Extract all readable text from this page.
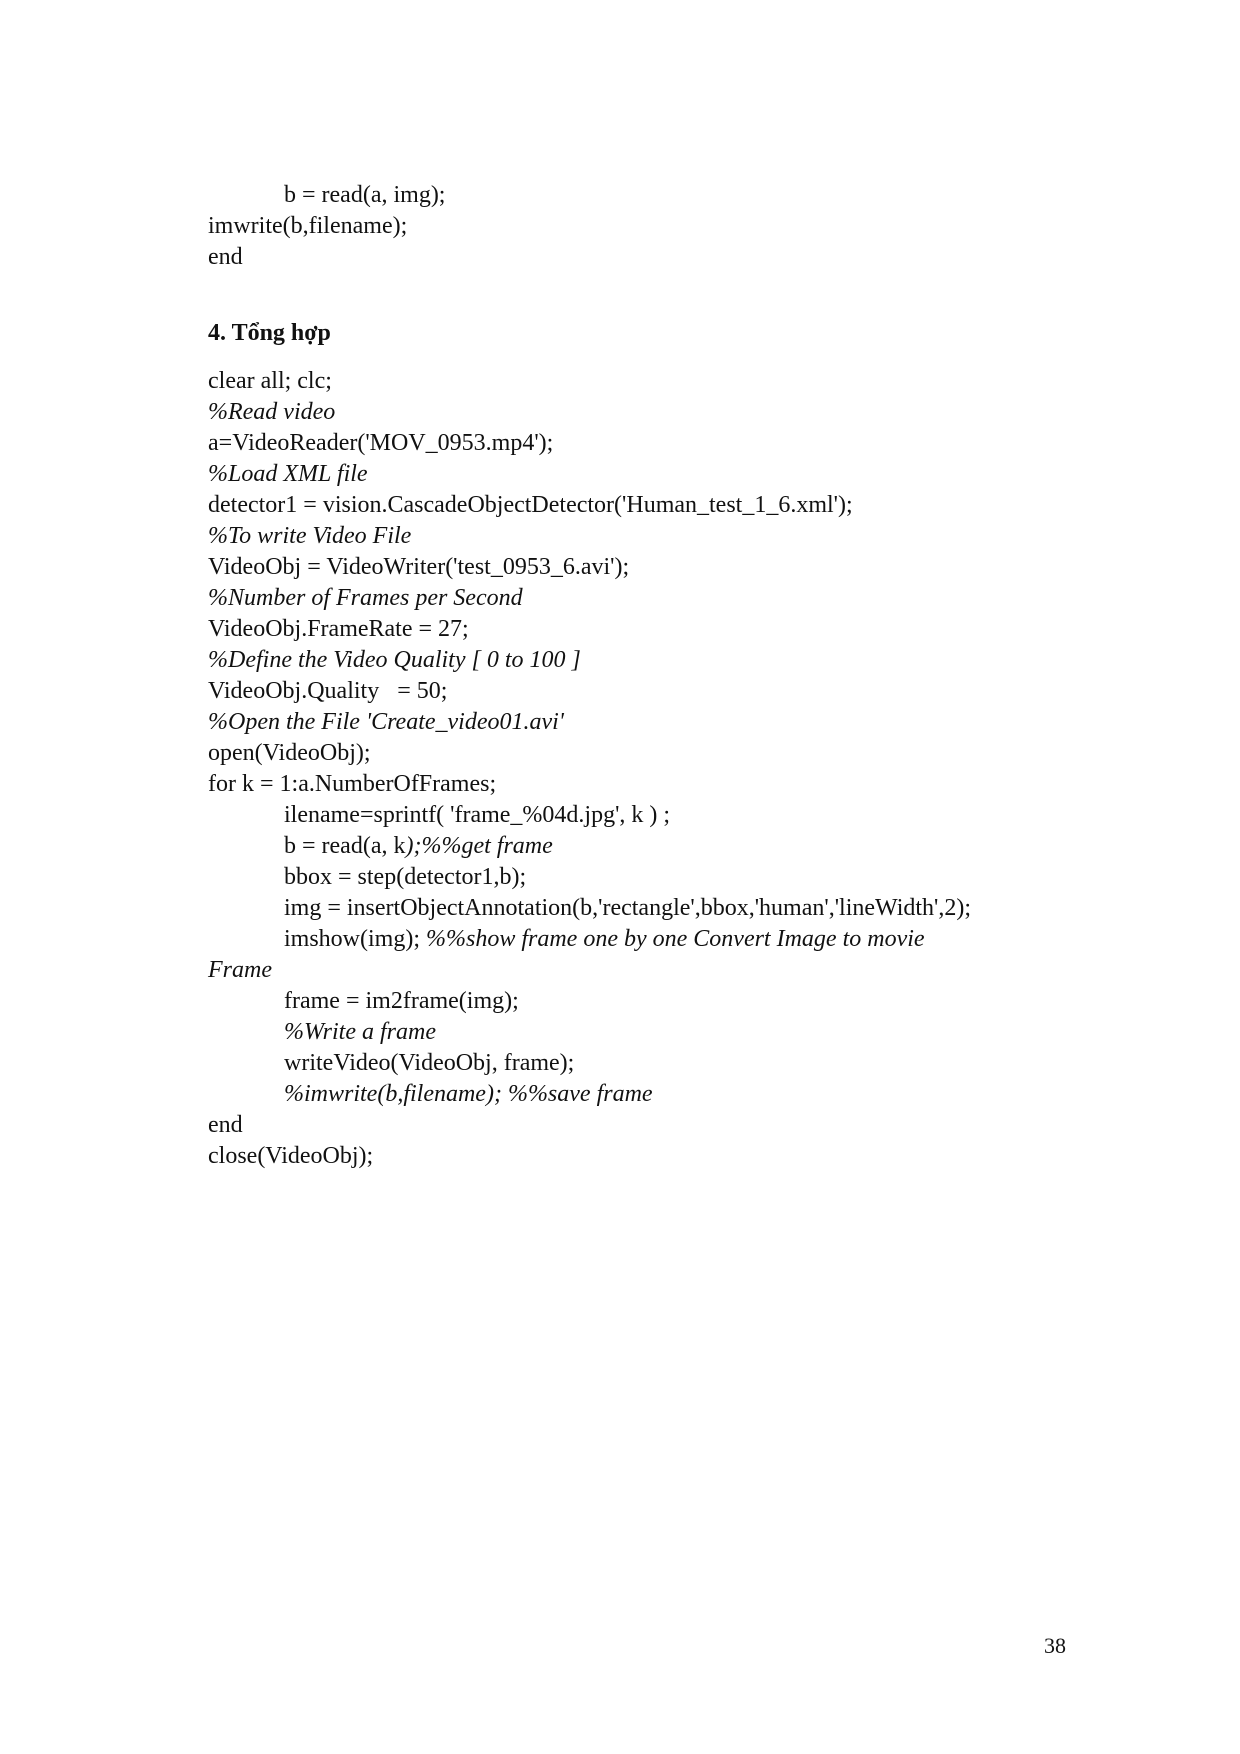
b = read(a, img);
imwrite(b,filename);
end
4. Tổng hợp
clear all; clc;
%Read video
a=VideoReader('MOV_0953.mp4');
%Load XML file
detector1 = vision.CascadeObjectDetector('Human_test_1_6.xml');
%To write Video File
VideoObj = VideoWriter('test_0953_6.avi');
%Number of Frames per Second
VideoObj.FrameRate = 27;
%Define the Video Quality [ 0 to 100 ]
VideoObj.Quality   = 50;
%Open the File 'Create_video01.avi'
open(VideoObj);
for k = 1:a.NumberOfFrames;
ilename=sprintf( 'frame_%04d.jpg', k ) ;
b = read(a, k);%%get frame
bbox = step(detector1,b);
img = insertObjectAnnotation(b,'rectangle',bbox,'human','lineWidth',2);
imshow(img); %%show frame one by one Convert Image to movie
Frame
frame = im2frame(img);
%Write a frame
writeVideo(VideoObj, frame);
%imwrite(b,filename); %%save frame
end
close(VideoObj);
38
